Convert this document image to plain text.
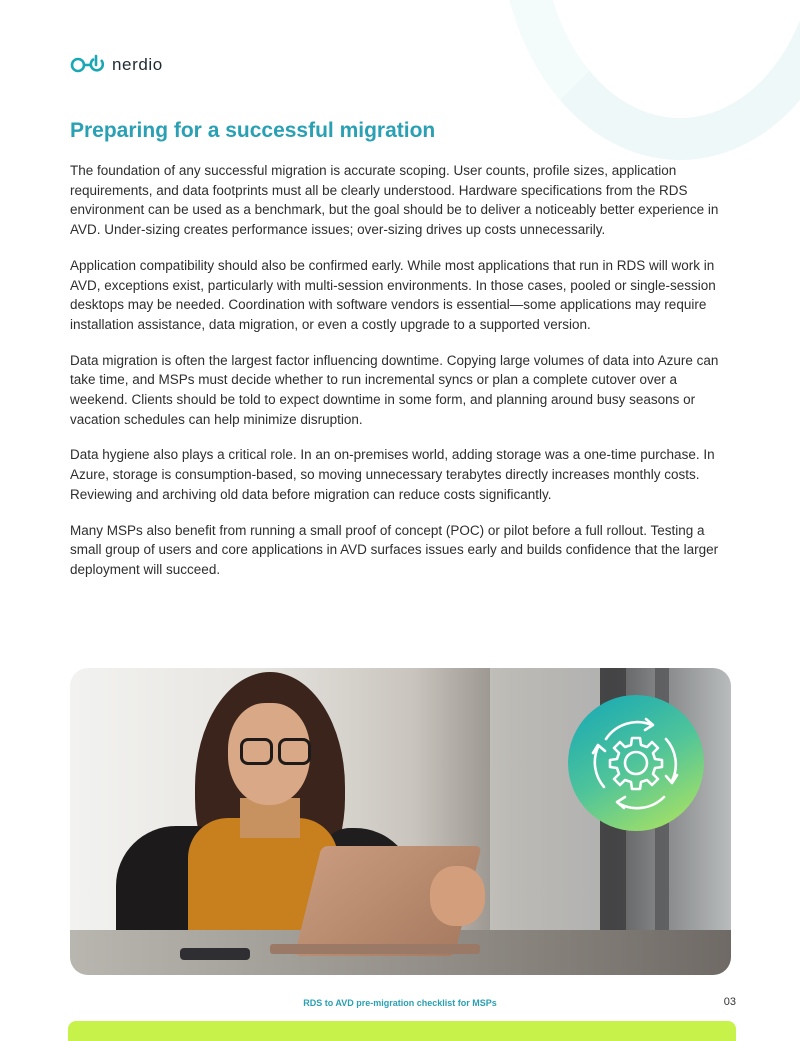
nerdio
Preparing for a successful migration

The foundation of any successful migration is accurate scoping. User counts, profile sizes, application requirements, and data footprints must all be clearly understood. Hardware specifications from the RDS environment can be used as a benchmark, but the goal should be to deliver a noticeably better experience in AVD. Under-sizing creates performance issues; over-sizing drives up costs unnecessarily.

Application compatibility should also be confirmed early. While most applications that run in RDS will work in AVD, exceptions exist, particularly with multi-session environments. In those cases, pooled or single-session desktops may be needed. Coordination with software vendors is essential—some applications may require installation assistance, data migration, or even a costly upgrade to a supported version.

Data migration is often the largest factor influencing downtime. Copying large volumes of data into Azure can take time, and MSPs must decide whether to run incremental syncs or plan a complete cutover over a weekend. Clients should be told to expect downtime in some form, and planning around busy seasons or vacation schedules can help minimize disruption.

Data hygiene also plays a critical role. In an on-premises world, adding storage was a one-time purchase. In Azure, storage is consumption-based, so moving unnecessary terabytes directly increases monthly costs. Reviewing and archiving old data before migration can reduce costs significantly.

Many MSPs also benefit from running a small proof of concept (POC) or pilot before a full rollout. Testing a small group of users and core applications in AVD surfaces issues early and builds confidence that the larger deployment will succeed.

RDS to AVD pre-migration checklist for MSPs	03
